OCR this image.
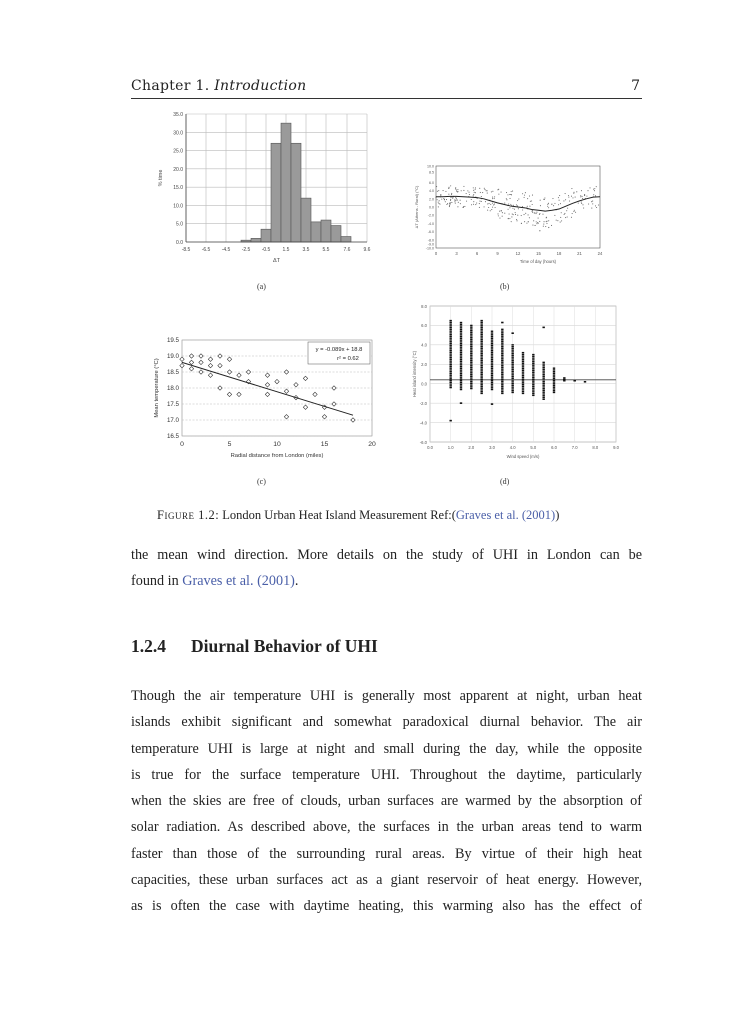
Chapter 1. Introduction	7
0.0
5.0
10.0
15.0
20.0
25.0
30.0
35.0
-8.5 -6.5 -4.5 -2.5 -0.5 1.5	3.5	5.5	7.6	9.6
ΔT
% time
-10.0
-9.0
-8.0
-6.0
-4.0
-2.0
0.0
2.0
4.0
6.0
8.5
10.0
0	3	6	9	12	15	18	21	24
Time of day (hours)
ΔT (Athens - Rural) (°C)
16.5
17.0
17.5
18.0
18.5
19.0
19.5
0	5	10	15	20
y = -0.089x + 18.8
r² = 0.62
Radial distance from London (miles)
Mean temperature (°C)
-6.0
-4.0
-2.0
0.0
2.0
4.0
6.0
8.0
0.0	1.0	2.0	3.0	4.0	5.0	6.0	7.0	8.0	9.0
Wind speed (m/s)
Heat island intensity (°C)
(a)	(b)
(c)	(d)
Figure 1.2: London Urban Heat Island Measurement Ref:(Graves et al. (2001))
the mean wind direction. More details on the study of UHI in London can be
found in Graves et al. (2001).
1.2.4 Diurnal Behavior of UHI
Though the air temperature UHI is generally most apparent at night, urban heat
islands exhibit significant and somewhat paradoxical diurnal behavior. The air
temperature UHI is large at night and small during the day, while the opposite
is true for the surface temperature UHI. Throughout the daytime, particularly
when the skies are free of clouds, urban surfaces are warmed by the absorption of
solar radiation. As described above, the surfaces in the urban areas tend to warm
faster than those of the surrounding rural areas. By virtue of their high heat
capacities, these urban surfaces act as a giant reservoir of heat energy. However,
as is often the case with daytime heating, this warming also has the effect of
